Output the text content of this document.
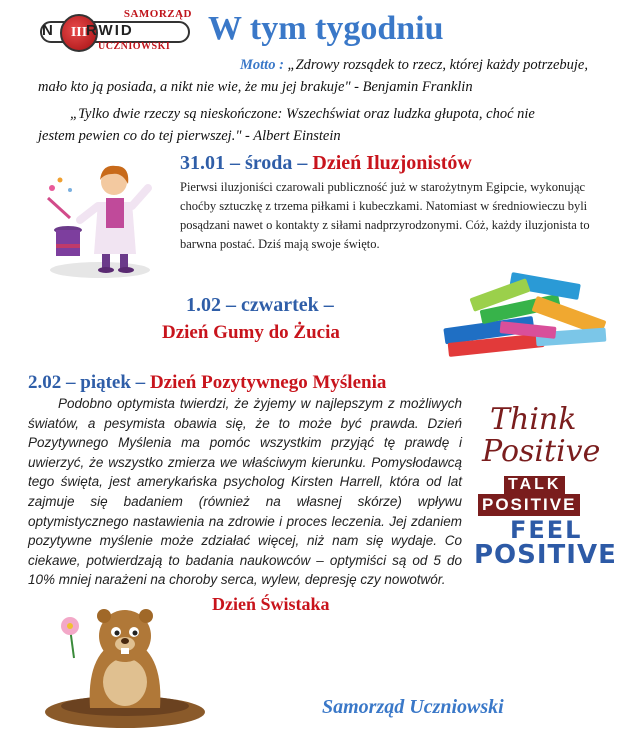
SAMORZĄD
N	III
RWID
UCZNIOWSKI W tym tygodniu
Motto : „Zdrowy rozsądek to rzecz, której każdy potrzebuje,
mało kto ją posiada, a nikt nie wie, że mu jej brakuje" - Benjamin Franklin
„Tylko dwie rzeczy są nieskończone: Wszechświat oraz ludzka głupota, choć nie
jestem pewien co do tej pierwszej." - Albert Einstein
31.01 – środa – Dzień Iluzjonistów
Pierwsi iluzjoniści czarowali publiczność już w starożytnym Egipcie, wykonując choćby sztuczkę z trzema piłkami i kubeczkami. Natomiast w średniowieczu byli posądzani nawet o kontakty z siłami nadprzyrodzonymi. Cóż, każdy iluzjonista to barwna postać. Dziś mają swoje święto.
1.02 – czwartek –
Dzień Gumy do Żucia
2.02 – piątek – Dzień Pozytywnego Myślenia
Podobno optymista twierdzi, że żyjemy w najlepszym z możliwych światów, a pesymista obawia się, że to może być prawda. Dzień Pozytywnego Myślenia ma pomóc wszystkim przyjąć tę prawdę i uwierzyć, że wszystko zmierza we właściwym kierunku. Pomysłodawcą tego święta, jest amerykańska psycholog Kirsten Harrell, która od lat zajmuje się badaniem (również na własnej skórze) wpływu optymistycznego nastawienia na zdrowie i proces leczenia. Jej zdaniem pozytywne myślenie może zdziałać więcej, niż nam się wydaje. Co ciekawe, potwierdzają to badania naukowców – optymiści są od 5 do 10% mniej narażeni na choroby serca, wylew, depresję czy nowotwór.
Think
Positive
TALK
POSITIVE
FEEL
POSITIVE
Dzień Świstaka
Samorząd Uczniowski
